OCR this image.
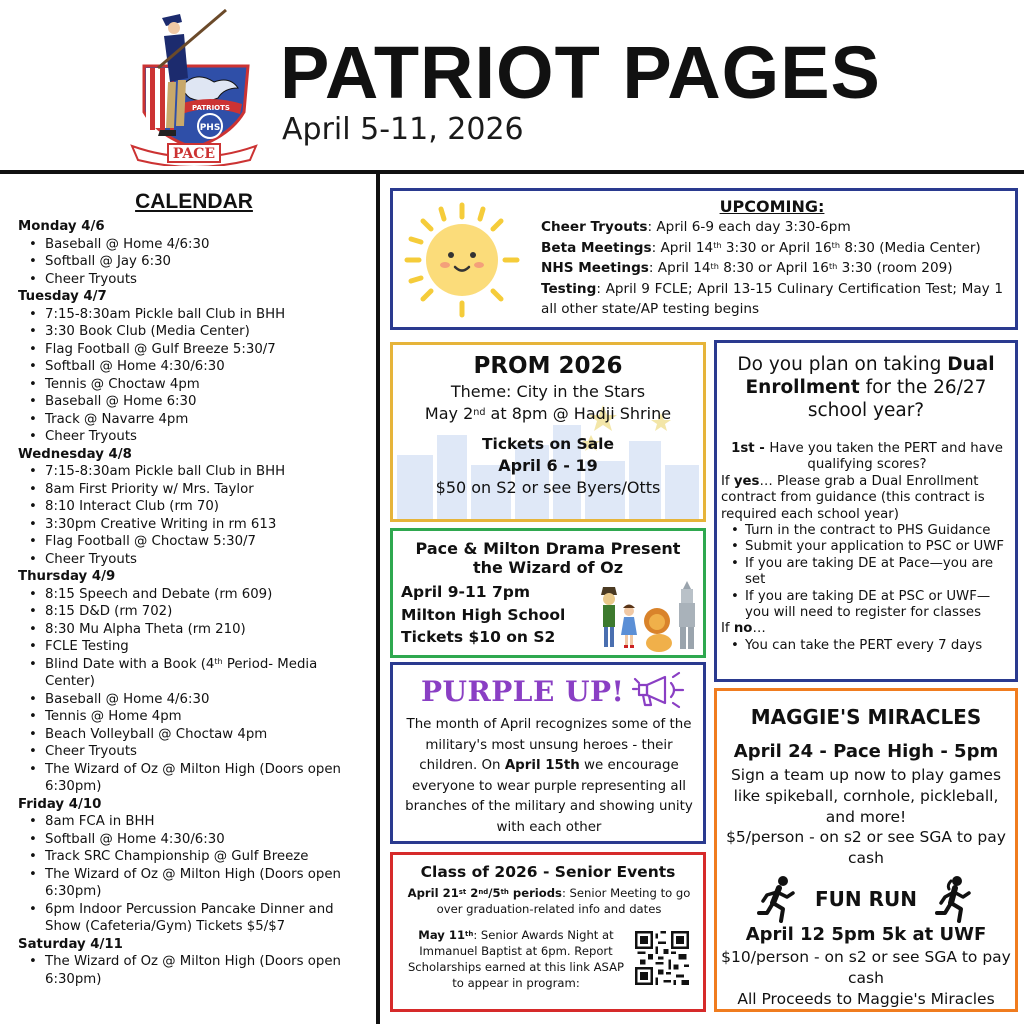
PATRIOTS
PHS
PACE
PATRIOT PAGES
April 5-11, 2026
CALENDAR
Monday 4/6
• Baseball @ Home 4/6:30
• Softball @ Jay 6:30
• Cheer Tryouts
Tuesday 4/7
• 7:15-8:30am Pickle ball Club in BHH
• 3:30 Book Club (Media Center)
• Flag Football @ Gulf Breeze 5:30/7
• Softball @ Home 4:30/6:30
• Tennis @ Choctaw 4pm
• Baseball @ Home 6:30
• Track @ Navarre 4pm
• Cheer Tryouts
Wednesday 4/8
• 7:15-8:30am Pickle ball Club in BHH
• 8am First Priority w/ Mrs. Taylor
• 8:10 Interact Club (rm 70)
• 3:30pm Creative Writing in rm 613
• Flag Football @ Choctaw 5:30/7
• Cheer Tryouts
Thursday 4/9
• 8:15 Speech and Debate (rm 609)
• 8:15 D&D (rm 702)
• 8:30 Mu Alpha Theta (rm 210)
• FCLE Testing
• Blind Date with a Book (4th Period- Media Center)
• Baseball @ Home 4/6:30
• Tennis @ Home 4pm
• Beach Volleyball @ Choctaw 4pm
• Cheer Tryouts
• The Wizard of Oz @ Milton High (Doors open 6:30pm)
Friday 4/10
• 8am FCA in BHH
• Softball @ Home 4:30/6:30
• Track SRC Championship @ Gulf Breeze
• The Wizard of Oz @ Milton High (Doors open 6:30pm)
• 6pm Indoor Percussion Pancake Dinner and Show (Cafeteria/Gym) Tickets $5/$7
Saturday 4/11
• The Wizard of Oz @ Milton High (Doors open 6:30pm)
UPCOMING:
Cheer Tryouts: April 6-9 each day 3:30-6pm
Beta Meetings: April 14th 3:30 or April 16th 8:30 (Media Center)
NHS Meetings: April 14th 8:30 or April 16th 3:30 (room 209)
Testing: April 9 FCLE; April 13-15 Culinary Certification Test; May 1 all other state/AP testing begins
PROM 2026
Theme: City in the Stars
May 2nd at 8pm @ Hadji Shrine
Tickets on Sale
April 6 - 19
$50 on S2 or see Byers/Otts
Pace & Milton Drama Present
the Wizard of Oz
April 9-11 7pm
Milton High School
Tickets $10 on S2
PURPLE UP!
The month of April recognizes some of the military's most unsung heroes - their children. On April 15th we encourage everyone to wear purple representing all branches of the military and showing unity with each other
Class of 2026 - Senior Events
April 21st 2nd/5th periods: Senior Meeting to go over graduation-related info and dates
May 11th: Senior Awards Night at Immanuel Baptist at 6pm. Report Scholarships earned at this link ASAP to appear in program:
Do you plan on taking Dual Enrollment for the 26/27 school year?
1st - Have you taken the PERT and have qualifying scores?
If yes… Please grab a Dual Enrollment contract from guidance (this contract is required each school year)
• Turn in the contract to PHS Guidance
• Submit your application to PSC or UWF
• If you are taking DE at Pace—you are set
• If you are taking DE at PSC or UWF—you will need to register for classes
If no…
• You can take the PERT every 7 days
MAGGIE'S MIRACLES
April 24 - Pace High - 5pm
Sign a team up now to play games like spikeball, cornhole, pickleball, and more!
$5/person - on s2 or see SGA to pay cash
FUN RUN
April 12 5pm 5k at UWF
$10/person - on s2 or see SGA to pay cash
All Proceeds to Maggie's Miracles
